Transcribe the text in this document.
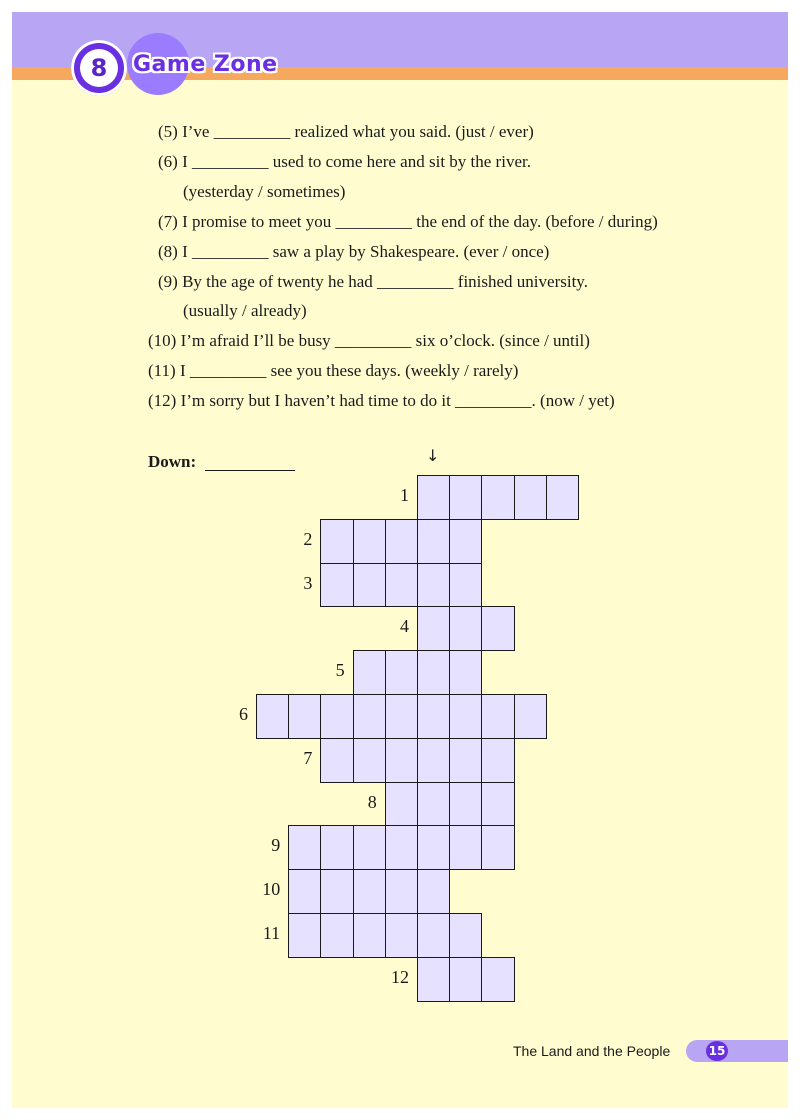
8	Game Zone
(5) I’ve _________ realized what you said. (just / ever)
(6) I _________ used to come here and sit by the river.
(yesterday / sometimes)
(7) I promise to meet you _________ the end of the day. (before / during)
(8) I _________ saw a play by Shakespeare. (ever / once)
(9) By the age of twenty he had _________ finished university.
(usually / already)
(10) I’m afraid I’ll be busy _________ six o’clock. (since / until)
(11) I _________ see you these days. (weekly / rarely)
(12) I’m sorry but I haven’t had time to do it _________. (now / yet)
Down:	↓
1
2
3
4
5
6
7
8
9
10
11
12
The Land and the People	15
